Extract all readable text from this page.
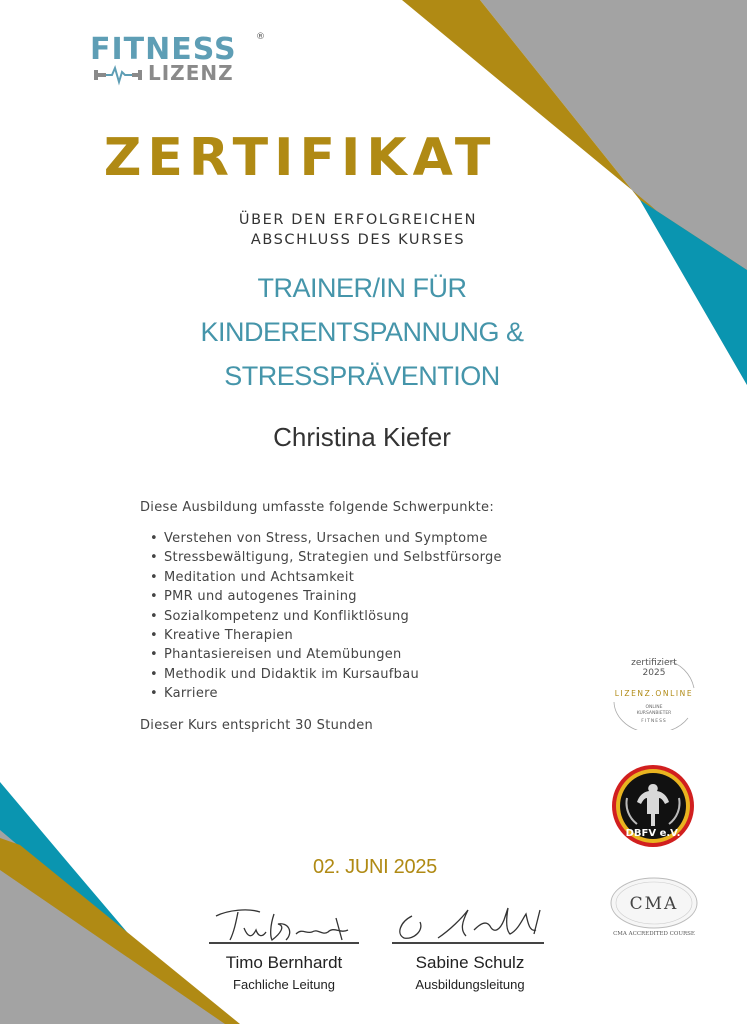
FITNESS ®
LIZENZ
ZERTIFIKAT
ÜBER DEN ERFOLGREICHEN
ABSCHLUSS DES KURSES
TRAINER/IN FÜR
KINDERENTSPANNUNG &
STRESSPRÄVENTION
Christina Kiefer
Diese Ausbildung umfasste folgende Schwerpunkte:
• Verstehen von Stress, Ursachen und Symptome
• Stressbewältigung, Strategien und Selbstfürsorge
• Meditation und Achtsamkeit
• PMR und autogenes Training
• Sozialkompetenz und Konfliktlösung
• Kreative Therapien
• Phantasiereisen und Atemübungen
• Methodik und Didaktik im Kursaufbau
• Karriere
Dieser Kurs entspricht 30 Stunden
02. JUNI 2025
Timo Bernhardt
Fachliche Leitung
Sabine Schulz
Ausbildungsleitung
zertifiziert
2025
LIZENZ.ONLINE
ONLINE
KURSANBIETER
FITNESS
DBFV e.V.
CMA
CMA ACCREDITED COURSE
